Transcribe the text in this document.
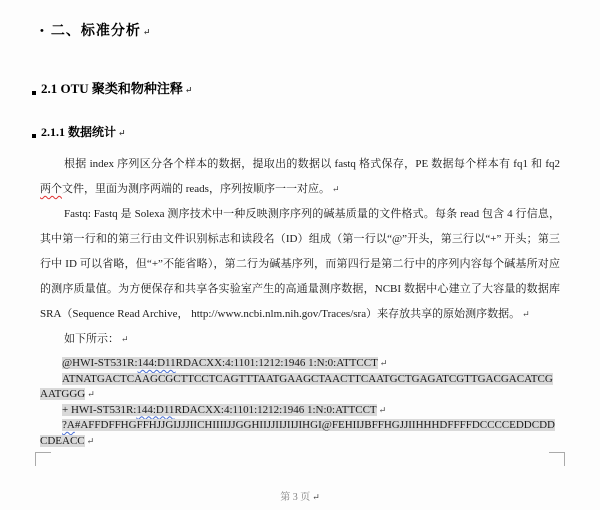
• 二、标准分析 ↵
2.1 OTU 聚类和物种注释 ↵
2.1.1 数据统计 ↵

根据 index 序列区分各个样本的数据，提取出的数据以 fastq 格式保存，PE 数据每个样本有 fq1 和 fq2 两个文件，里面为测序两端的 reads，序列按顺序一一对应。 ↵

Fastq: Fastq 是 Solexa 测序技术中一种反映测序序列的碱基质量的文件格式。每条 read 包含 4 行信息，其中第一行和的第三行由文件识别标志和读段名（ID）组成（第一行以“@”开头，第三行以“+” 开头；第三行中 ID 可以省略，但“+”不能省略），第二行为碱基序列，而第四行是第二行中的序列内容每个碱基所对应的测序质量值。为方便保存和共享各实验室产生的高通量测序数据，NCBI 数据中心建立了大容量的数据库 SRA（Sequence Read Archive， http://www.ncbi.nlm.nih.gov/Traces/sra）来存放共享的原始测序数据。 ↵

如下所示： ↵

@HWI-ST531R:144:D11RDACXX:4:1101:1212:1946 1:N:0:ATTCCT ↵

ATNATGACTCAAGCGCTTCCTCAGTTTAATGAAGCTAACTTCAATGCTGAGATCGTTGACGACATCGAATGGG ↵

+ HWI-ST531R:144:D11RDACXX:4:1101:1212:1946 1:N:0:ATTCCT ↵

?A#AFFDFFHGFFHJJGIJJJIICHIIIIJJGGHIIJJIIJIIJIHGI@FEHIIJBFFHGJJIIHHHDFFFFDCCCCEDDCDDCDEACC ↵

第 3 页 ↵
